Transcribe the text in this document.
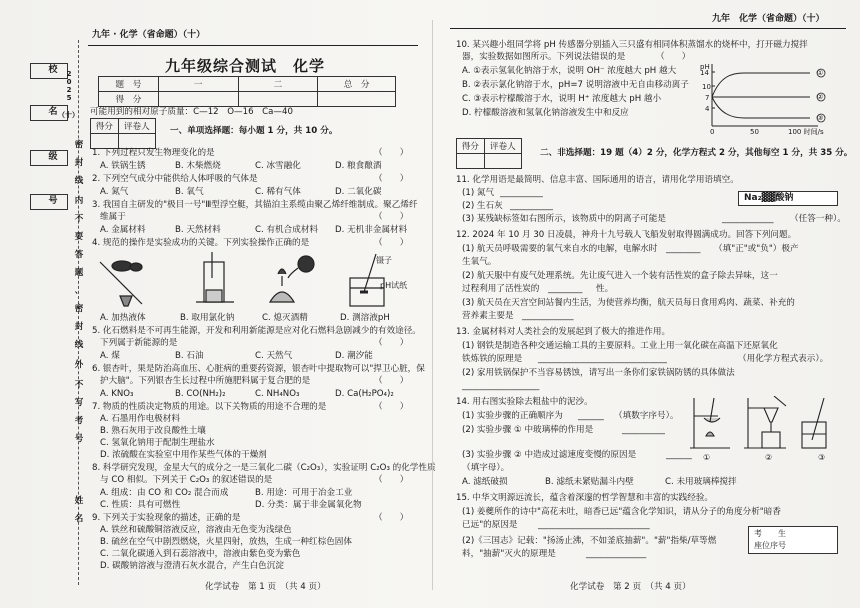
校
名
级
号
2
0
2
5
（十）
密
封
线
内
不
要
答
题
、
密
封
线
外
不
写
考
号
姓
名
九年 · 化学（省命题）（十）
九年级综合测试　化学
题　号	一	二	总　分
得　分			
可能用到的相对原子质量：C—12　O—16　Ca—40
得分	评卷人
	一、单项选择题：每小题 1 分，共 10 分。
1. 下列过程只发生物理变化的是	（　　）
A. 铁锅生锈	B. 木柴燃烧	C. 冰雪融化	D. 粮食酿酒
2. 下列空气成分中能供给人体呼吸的气体是	（　　）
A. 氮气	B. 氧气	C. 稀有气体	D. 二氧化碳
3. 我国自主研发的"极目一号"Ⅲ型浮空艇，其锚泊主系缆由聚乙烯纤维制成。聚乙烯纤
维属于	（　　）
A. 金属材料	B. 天然材料	C. 有机合成材料 D. 无机非金属材料
4. 规范的操作是实验成功的关键。下列实验操作正确的是	（　　）
镊子
pH试纸
A. 加热液体	B. 取用氯化钠	C. 熄灭酒精	D. 测溶液pH
5. 化石燃料是不可再生能源，开发和利用新能源是应对化石燃料急剧减少的有效途径。
下列属于新能源的是	（　　）
A. 煤	B. 石油	C. 天然气	D. 潮汐能
6. 银杏叶，果是防治高血压、心脏病的重要药资源，银杏叶中提取物可以"捍卫心脏，保
护大脑"。下列银杏生长过程中所施肥料属于复合肥的是	（　　）
A. KNO₃	B. CO(NH₂)₂	C. NH₄NO₃	D. Ca(H₂PO₄)₂
7. 物质的性质决定物质的用途。以下关物质的用途不合理的是	（　　）
A. 石墨用作电极材料
B. 熟石灰用于改良酸性土壤
C. 氢氧化钠用于配制生理盐水
D. 浓硫酸在实验室中用作某些气体的干燥剂
8. 科学研究发现，金星大气的成分之一是三氧化二碳（C₂O₃），实验证明 C₂O₃ 的化学性质
与 CO 相似。下列关于 C₂O₃ 的叙述错误的是	（　　）
A. 组成：由 CO 和 CO₂ 混合而成	B. 用途：可用于冶金工业
C. 性质：具有可燃性	D. 分类：属于非金属氧化物
9. 下列关于实验现象的描述，正确的是	（　　）
A. 铁丝和硫酸铜溶液反应，溶液由无色变为浅绿色
B. 硫丝在空气中剧烈燃烧，火星四射，放热，生成一种红棕色固体
C. 二氧化碳通入到石蕊溶液中，溶液由紫色变为紫色
D. 碳酸钠溶液与澄清石灰水混合，产生白色沉淀
化学试卷　第 1 页　（共 4 页）
九年　化学（省命题）（十）
10. 某兴趣小组同学将 pH 传感器分别插入三只盛有相同体积蒸馏水的烧杯中，打开磁力搅拌
器，实验数据如图所示。下列说法错误的是	（　　）
A. ①表示氢氧化钠溶于水，说明 OH⁻ 浓度越大 pH 越大
B. ②表示氯化钠溶于水，pH=7 说明溶液中无自由移动离子
C. ③表示柠檬酸溶于水，说明 H⁺ 浓度越大 pH 越小
D. 柠檬酸溶液和氢氧化钠溶液发生中和反应
pH
14
10
7
4
0	50	100 时间/s
①
②
③
得分	评卷人

二、非选择题：19 题（4）2 分，化学方程式 2 分，其他每空 1 分，共 35 分。
11. 化学用语是最简明、信息丰富、国际通用的语言，请用化学用语填空。
(1) 氮气 __________
(2) 生石灰 __________
(3) 某残缺标签如右图所示，该物质中的阴离子可能是	____________ （任答一种）。
Na₂▓▓酸钠
12. 2024 年 10 月 30 日凌晨，神舟十九号载人飞船发射取得圆满成功。回答下列问题。
(1) 航天员呼吸需要的氧气来自水的电解，电解水时 ________ （填"正"或"负"）极产
生氧气。
(2) 航天服中有废气处理系统。先让废气进入一个装有活性炭的盒子除去异味，这一
过程利用了活性炭的 ________ 性。
(3) 航天员在天宫空间站餐内生活，为使营养均衡，航天员每日食用鸡肉、蔬菜、补充的
营养素主要是 ____________
13. 金属材料对人类社会的发展起到了极大的推进作用。
(1) 钢铁是制造各种交通运输工具的主要原料。工业上用一氧化碳在高温下还原氧化
铁炼铁的原理是 ______________________________	（用化学方程式表示）。
(2) 家用铁锅保护不当容易锈蚀，请写出一条你们家铁锅防锈的具体做法
__________________
14. 用右图实验除去粗盐中的泥沙。
(1) 实验步骤的正确顺序为 ______ （填数字序号）。
(2) 实验步骤 ① 中玻璃棒的作用是	__________
(3) 实验步骤 ② 中造成过滤速度变慢的原因是	______
（填字母）。
A. 滤纸破损	B. 滤纸未紧贴漏斗内壁	C. 未用玻璃棒搅拌
①	②	③
15. 中华文明源远流长，蕴含着深邃的哲学智慧和丰富的实践经验。
(1) 姜夔所作的诗中"高花未吐，暗香已远"蕴含化学知识，请从分子的角度分析"暗香
已远"的原因是 __________________________
(2)《三国志》记载："扬汤止沸，不如釜底抽薪"。"薪"指柴/草等燃
料，"抽薪"灭火的原理是	______________
考　　生
座位序号
化学试卷　第 2 页　（共 4 页）
